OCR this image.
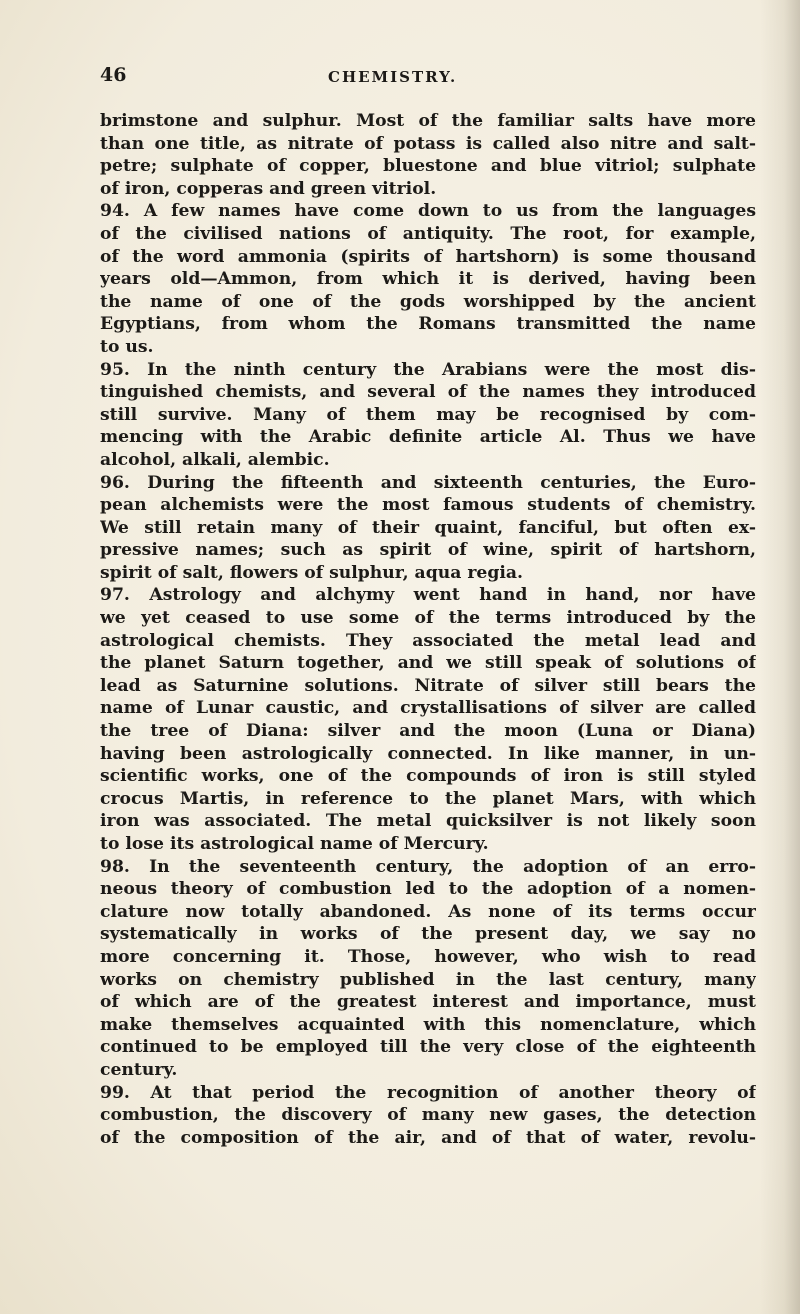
46	CHEMISTRY.
brimstone and sulphur. Most of the familiar salts have more
than one title, as nitrate of potass is called also nitre and salt-
petre; sulphate of copper, bluestone and blue vitriol; sulphate
of iron, copperas and green vitriol.
94. A few names have come down to us from the languages
of the civilised nations of antiquity. The root, for example,
of the word ammonia (spirits of hartshorn) is some thousand
years old—Ammon, from which it is derived, having been
the name of one of the gods worshipped by the ancient
Egyptians, from whom the Romans transmitted the name
to us.
95. In the ninth century the Arabians were the most dis-
tinguished chemists, and several of the names they introduced
still survive. Many of them may be recognised by com-
mencing with the Arabic definite article Al. Thus we have
alcohol, alkali, alembic.
96. During the fifteenth and sixteenth centuries, the Euro-
pean alchemists were the most famous students of chemistry.
We still retain many of their quaint, fanciful, but often ex-
pressive names; such as spirit of wine, spirit of hartshorn,
spirit of salt, flowers of sulphur, aqua regia.
97. Astrology and alchymy went hand in hand, nor have
we yet ceased to use some of the terms introduced by the
astrological chemists. They associated the metal lead and
the planet Saturn together, and we still speak of solutions of
lead as Saturnine solutions. Nitrate of silver still bears the
name of Lunar caustic, and crystallisations of silver are called
the tree of Diana: silver and the moon (Luna or Diana)
having been astrologically connected. In like manner, in un-
scientific works, one of the compounds of iron is still styled
crocus Martis, in reference to the planet Mars, with which
iron was associated. The metal quicksilver is not likely soon
to lose its astrological name of Mercury.
98. In the seventeenth century, the adoption of an erro-
neous theory of combustion led to the adoption of a nomen-
clature now totally abandoned. As none of its terms occur
systematically in works of the present day, we say no
more concerning it. Those, however, who wish to read
works on chemistry published in the last century, many
of which are of the greatest interest and importance, must
make themselves acquainted with this nomenclature, which
continued to be employed till the very close of the eighteenth
century.
99. At that period the recognition of another theory of
combustion, the discovery of many new gases, the detection
of the composition of the air, and of that of water, revolu-
